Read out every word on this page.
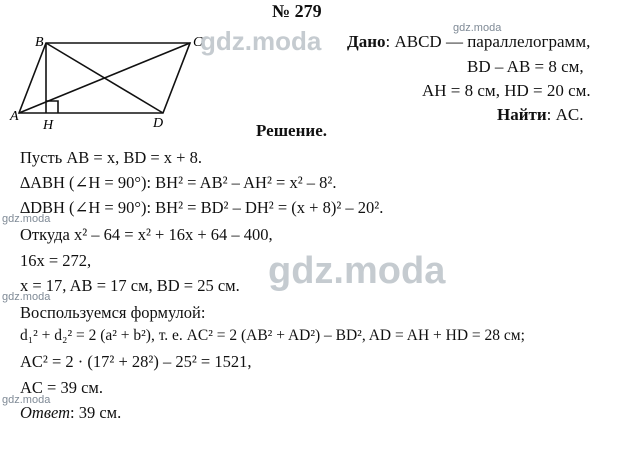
A
B	C
D
H
№ 279
gdz.moda
gdz.moda Дано: ABCD — параллелограмм,
BD – AB = 8 см,
AH = 8 см, HD = 20 см.
Найти: AC.
Решение.
Пусть AB = x, BD = x + 8.
∆ABH (∠H = 90°): BH² = AB² – AH² = x² – 8².
∆DBH (∠H = 90°): BH² = BD² – DH² = (x + 8)² – 20².
gdz.moda
Откуда x² – 64 = x² + 16x + 64 – 400,
16x = 272,
x = 17, AB = 17 см, BD = 25 см.
gdz.moda
Воспользуемся формулой:
d₁² + d₂² = 2 (a² + b²), т. е. AC² = 2 (AB² + AD²) – BD², AD = AH + HD = 28 см;
AC² = 2 · (17² + 28²) – 25² = 1521,
AC = 39 см.
gdz.moda
Ответ: 39 см.
gdz.moda
